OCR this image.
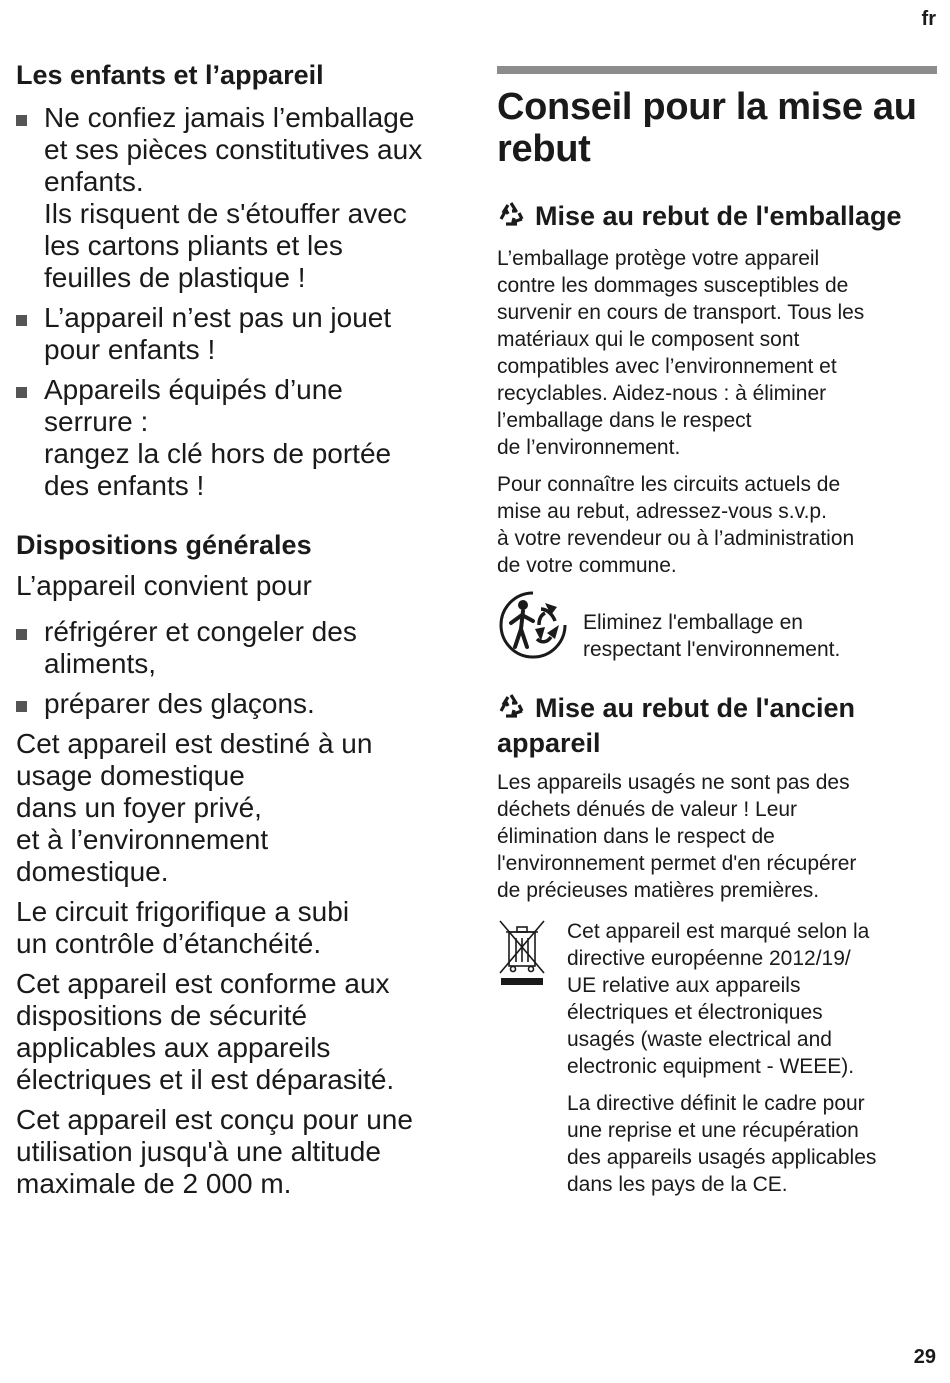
fr
Les enfants et l’appareil
Ne confiez jamais l’emballage
et ses pièces constitutives aux
enfants.
Ils risquent de s'étouffer avec
les cartons pliants et les
feuilles de plastique !
L’appareil n’est pas un jouet
pour enfants !
Appareils équipés d’une
serrure :
rangez la clé hors de portée
des enfants !
Dispositions générales
L’appareil convient pour
réfrigérer et congeler des
aliments,
préparer des glaçons.
Cet appareil est destiné à un
usage domestique
dans un foyer privé,
et à l’environnement
domestique.
Le circuit frigorifique a subi
un contrôle d’étanchéité.
Cet appareil est conforme aux
dispositions de sécurité
applicables aux appareils
électriques et il est déparasité.
Cet appareil est conçu pour une
utilisation jusqu'à une altitude
maximale de 2 000 m.
Conseil pour la mise au
rebut
Mise au rebut de l'emballage
L’emballage protège votre appareil
contre les dommages susceptibles de
survenir en cours de transport. Tous les
matériaux qui le composent sont
compatibles avec l’environnement et
recyclables. Aidez-nous : à éliminer
l’emballage dans le respect
de l’environnement.
Pour connaître les circuits actuels de
mise au rebut, adressez-vous s.v.p.
à votre revendeur ou à l’administration
de votre commune.
Eliminez l'emballage en
respectant l'environnement.
Mise au rebut de l'ancien
appareil
Les appareils usagés ne sont pas des
déchets dénués de valeur ! Leur
élimination dans le respect de
l'environnement permet d'en récupérer
de précieuses matières premières.
Cet appareil est marqué selon la
directive européenne 2012/19/
UE relative aux appareils
électriques et électroniques
usagés (waste electrical and
electronic equipment - WEEE).
La directive définit le cadre pour
une reprise et une récupération
des appareils usagés applicables
dans les pays de la CE.
29
